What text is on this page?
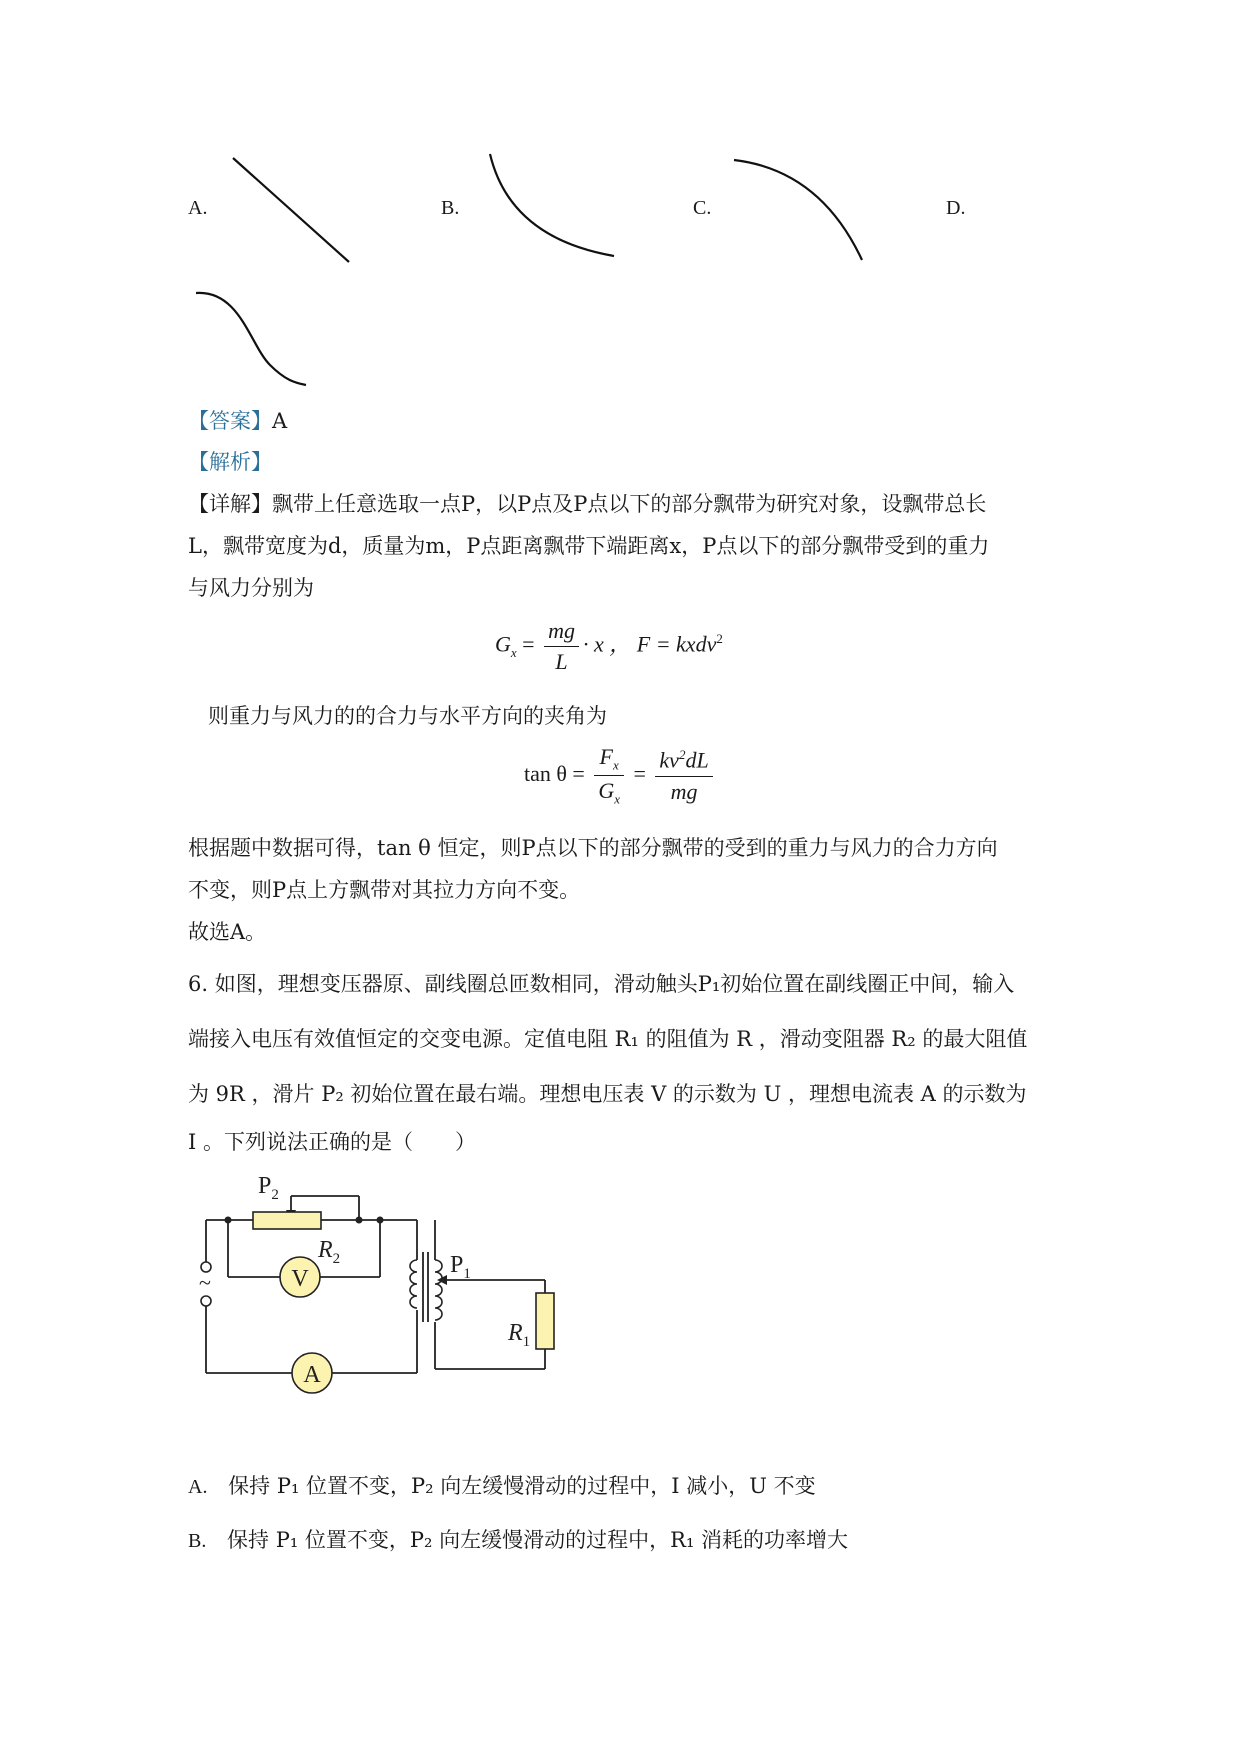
A.	B.	C.	D.
【答案】A
【解析】
【详解】飘带上任意选取一点P，以P点及P点以下的部分飘带为研究对象，设飘带总长
L，飘带宽度为d，质量为m，P点距离飘带下端距离x，P点以下的部分飘带受到的重力
与风力分别为
$G_x = \frac{mg}{L} \cdot x$ ， F = kxdv$^2$
则重力与风力的的合力与水平方向的夹角为
$\tan \theta = \frac{F_x}{G_x} = \frac{kv^2dL}{mg}$
根据题中数据可得，tan θ 恒定，则P点以下的部分飘带的受到的重力与风力的合力方向
不变，则P点上方飘带对其拉力方向不变。
故选A。
6. 如图，理想变压器原、副线圈总匝数相同，滑动触头P₁初始位置在副线圈正中间，输入
端接入电压有效值恒定的交变电源。定值电阻 R₁ 的阻值为 R ，滑动变阻器 R₂ 的最大阻值
为 9R ，滑片 P₂ 初始位置在最右端。理想电压表 V 的示数为 U ，理想电流表 A 的示数为
I 。下列说法正确的是（　　）
~	V
A
$P_2$
$R_2$	$P_1$
$R_1$
A. 保持 P₁ 位置不变，P₂ 向左缓慢滑动的过程中，I 减小，U 不变
B. 保持 P₁ 位置不变，P₂ 向左缓慢滑动的过程中，R₁ 消耗的功率增大
